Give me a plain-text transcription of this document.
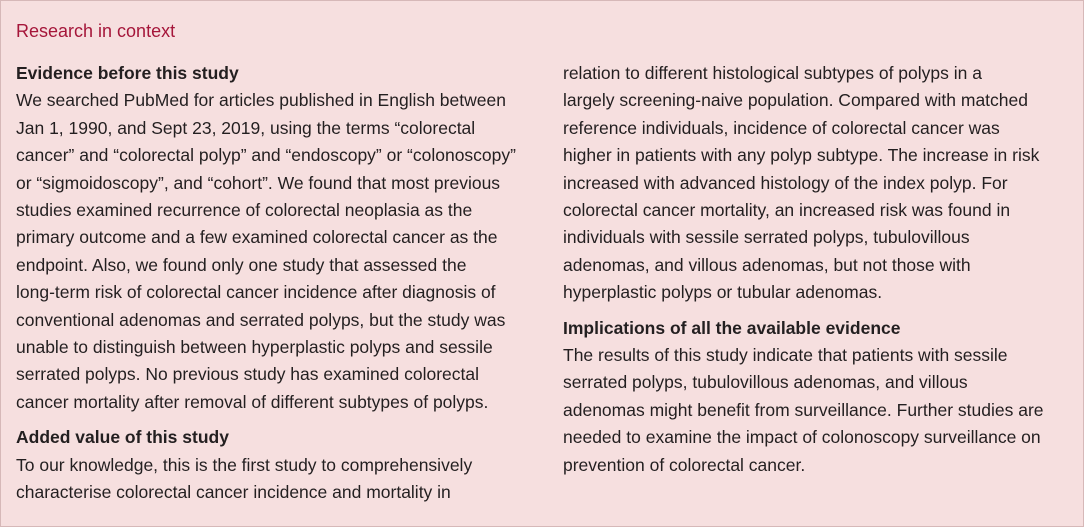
Research in context

Evidence before this study

We searched PubMed for articles published in English between

Jan 1, 1990, and Sept 23, 2019, using the terms “colorectal

cancer” and “colorectal polyp” and “endoscopy” or “colonoscopy”

or “sigmoidoscopy”, and “cohort”. We found that most previous

studies examined recurrence of colorectal neoplasia as the

primary outcome and a few examined colorectal cancer as the

endpoint. Also, we found only one study that assessed the

long-term risk of colorectal cancer incidence after diagnosis of

conventional adenomas and serrated polyps, but the study was

unable to distinguish between hyperplastic polyps and sessile

serrated polyps. No previous study has examined colorectal

cancer mortality after removal of different subtypes of polyps.

Added value of this study

To our knowledge, this is the first study to comprehensively

characterise colorectal cancer incidence and mortality in

relation to different histological subtypes of polyps in a

largely screening-naive population. Compared with matched

reference individuals, incidence of colorectal cancer was

higher in patients with any polyp subtype. The increase in risk

increased with advanced histology of the index polyp. For

colorectal cancer mortality, an increased risk was found in

individuals with sessile serrated polyps, tubulovillous

adenomas, and villous adenomas, but not those with

hyperplastic polyps or tubular adenomas.

Implications of all the available evidence

The results of this study indicate that patients with sessile

serrated polyps, tubulovillous adenomas, and villous

adenomas might benefit from surveillance. Further studies are

needed to examine the impact of colonoscopy surveillance on

prevention of colorectal cancer.
